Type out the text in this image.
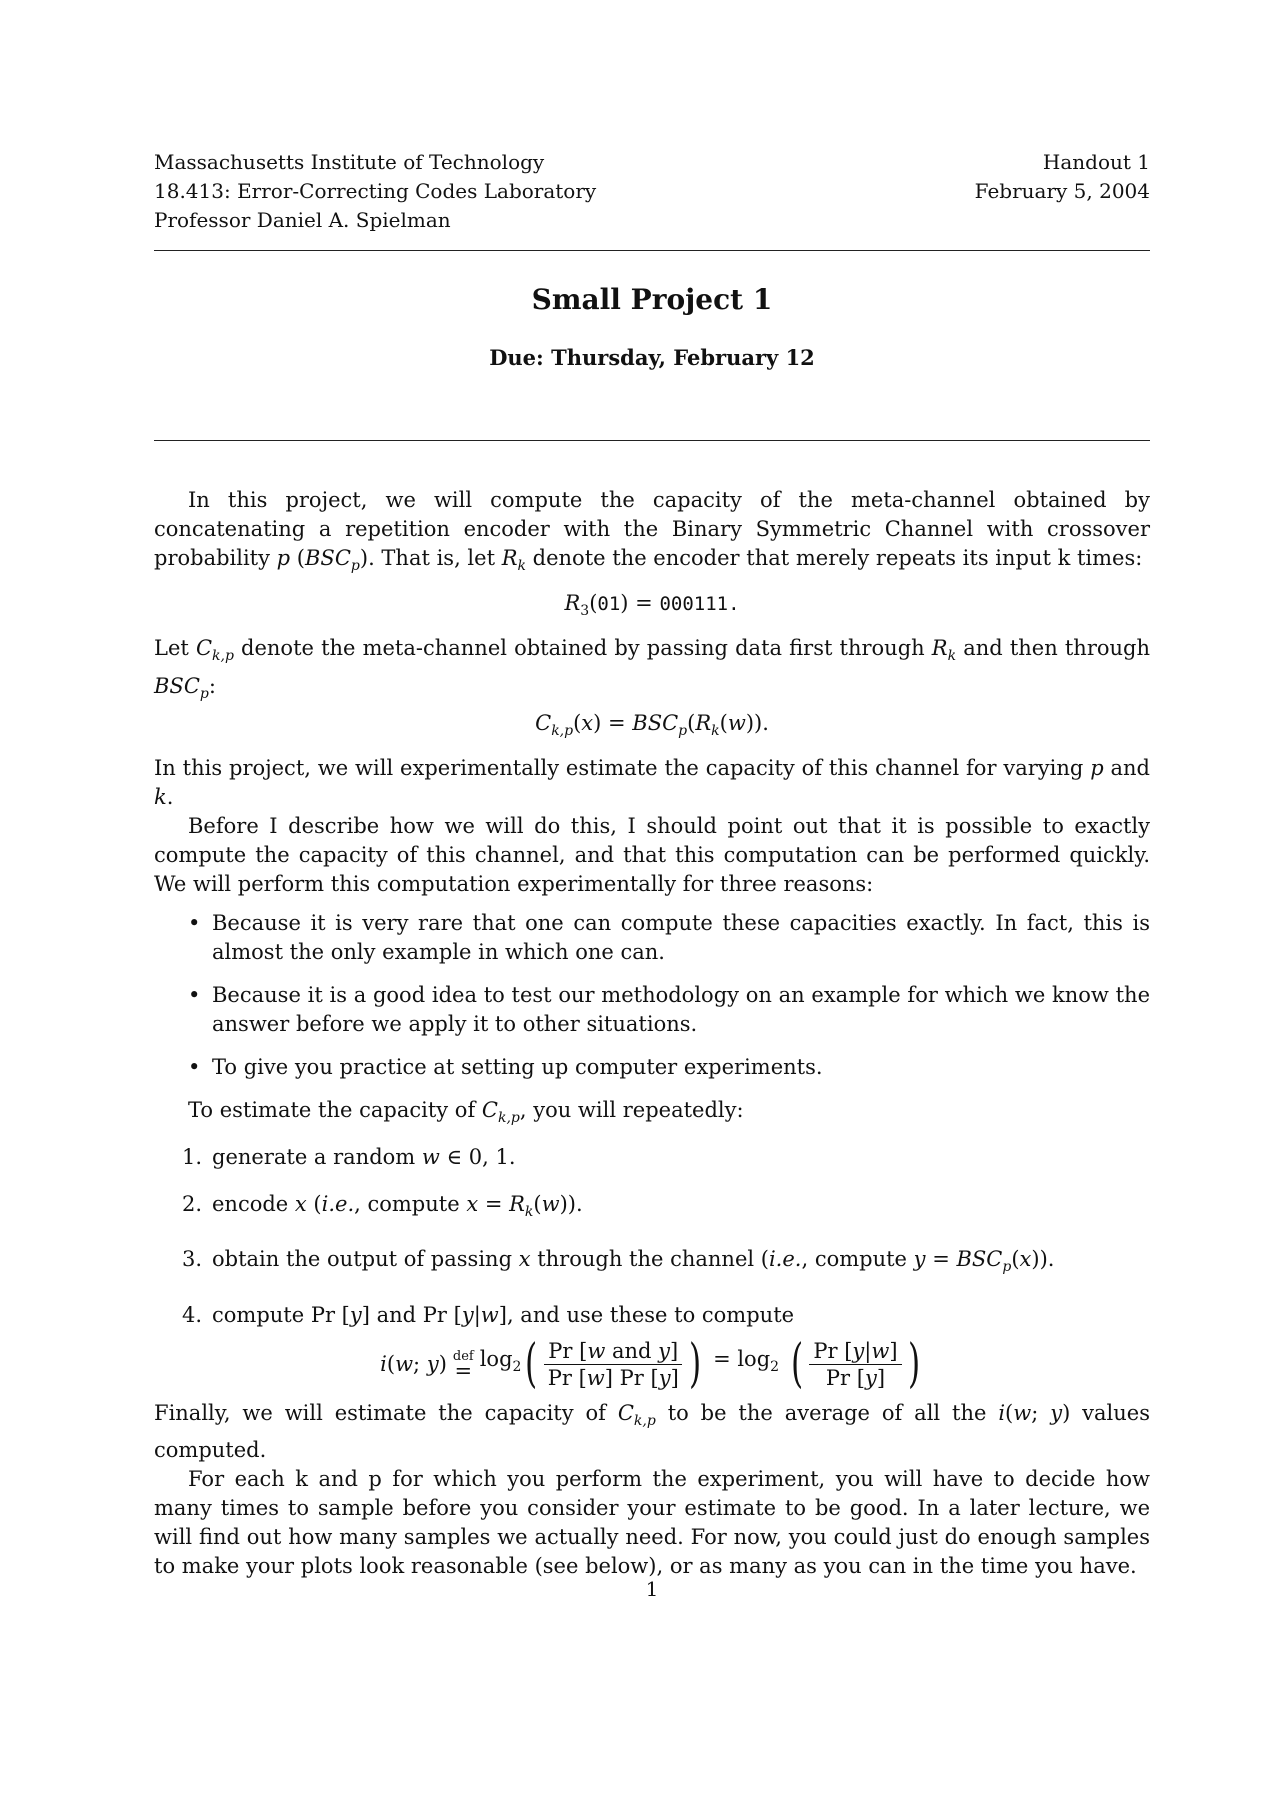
Massachusetts Institute of Technology
18.413: Error-Correcting Codes Laboratory
Professor Daniel A. Spielman
Handout 1
February 5, 2004
Small Project 1
Due: Thursday, February 12

In this project, we will compute the capacity of the meta-channel obtained by concatenating a repetition encoder with the Binary Symmetric Channel with crossover probability p $(BSC_p)$. That is, let $R_k$ denote the encoder that merely repeats its input k times:

$R_3(01) = 000111$.

Let $C_{k,p}$ denote the meta-channel obtained by passing data first through $R_k$ and then through $BSC_p$:

$C_{k,p}(x) = BSC_p(R_k(w))$.

In this project, we will experimentally estimate the capacity of this channel for varying p and k.

Before I describe how we will do this, I should point out that it is possible to exactly compute the capacity of this channel, and that this computation can be performed quickly. We will perform this computation experimentally for three reasons:

• Because it is very rare that one can compute these capacities exactly. In fact, this is almost the only example in which one can.
• Because it is a good idea to test our methodology on an example for which we know the answer before we apply it to other situations.
• To give you practice at setting up computer experiments.

To estimate the capacity of $C_{k,p}$, you will repeatedly:

1. generate a random w ∈ 0, 1.
2. encode x (i.e., compute $x = R_k(w)$).
3. obtain the output of passing x through the channel (i.e., compute $y = BSC_p(x)$).
4. compute Pr [y] and Pr [y|w], and use these to compute
i(w; y) def
= $\log_2$ ( $\frac{\text{Pr [w and y]}}{Pr [w] Pr [y]}$ ) = $\log_2$ ( $\frac{Pr [y|w]}{Pr [y]}$ )

Finally, we will estimate the capacity of $C_{k,p}$ to be the average of all the i(w; y) values computed.

For each k and p for which you perform the experiment, you will have to decide how many times to sample before you consider your estimate to be good. In a later lecture, we will find out how many samples we actually need. For now, you could just do enough samples to make your plots look reasonable (see below), or as many as you can in the time you have.

1
